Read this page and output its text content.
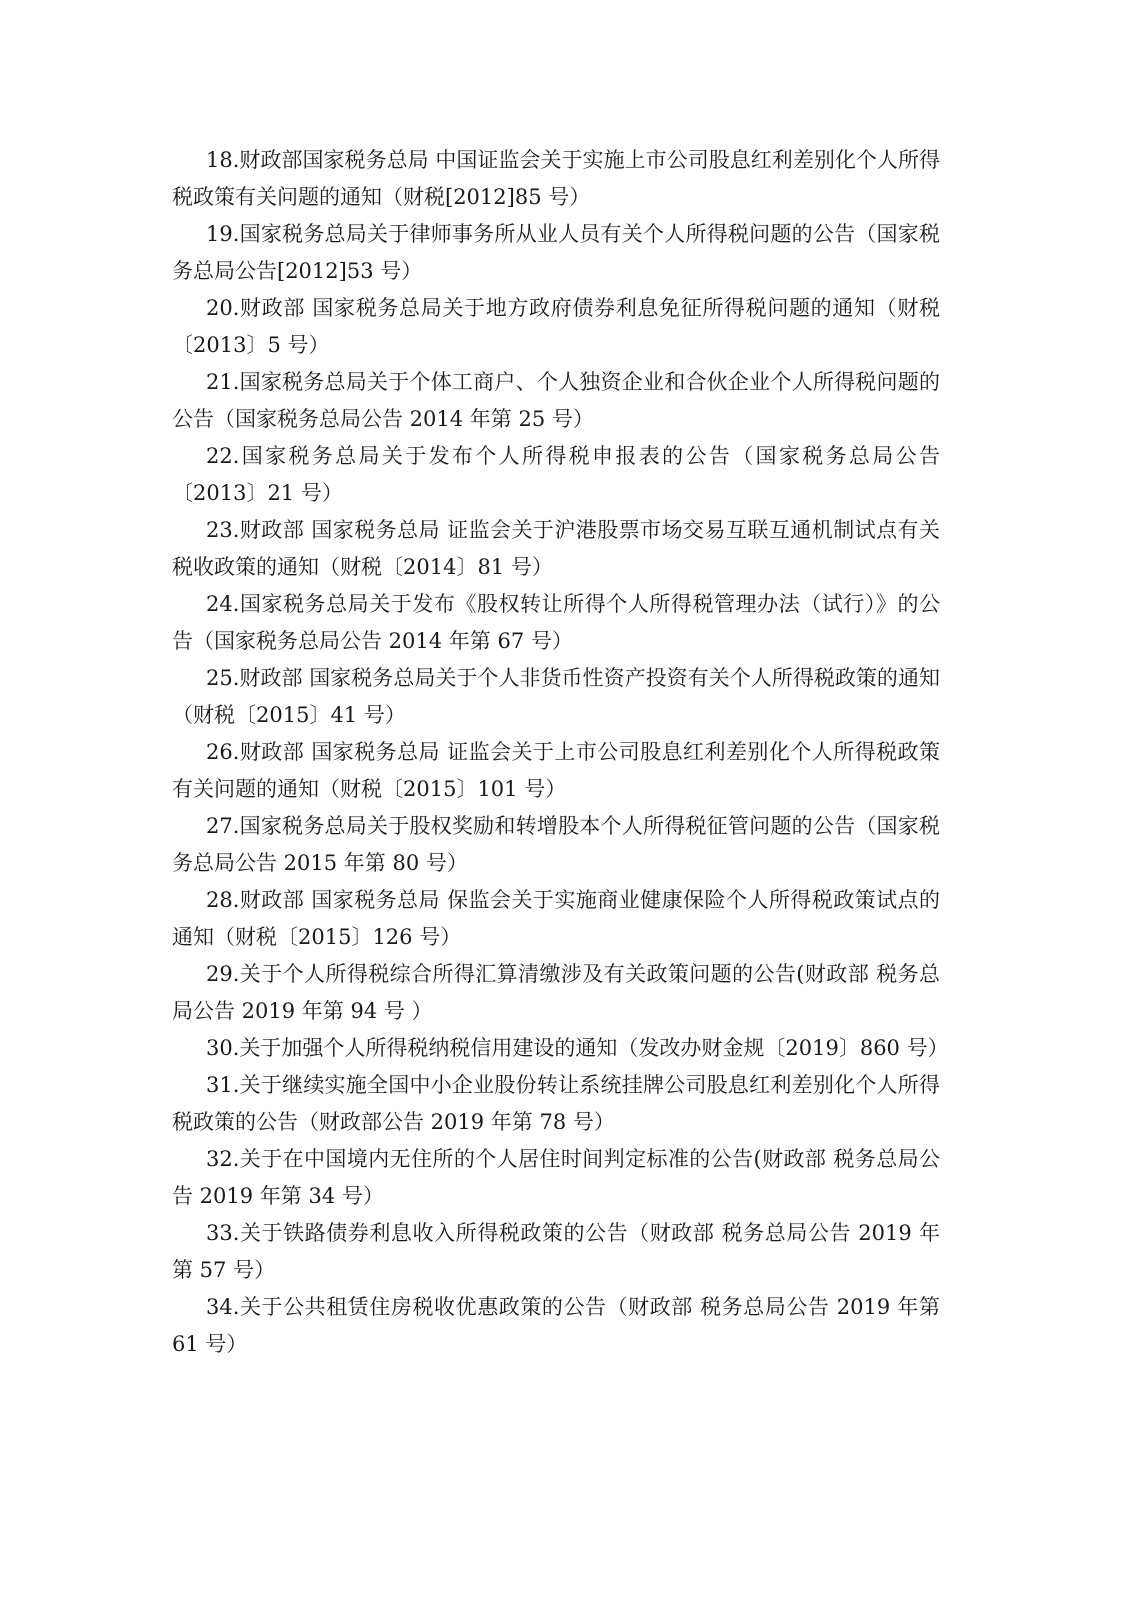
18.财政部国家税务总局 中国证监会关于实施上市公司股息红利差别化个人所得税政策有关问题的通知（财税[2012]85 号）

19.国家税务总局关于律师事务所从业人员有关个人所得税问题的公告（国家税务总局公告[2012]53 号）

20.财政部 国家税务总局关于地方政府债券利息免征所得税问题的通知（财税〔2013〕5 号）

21.国家税务总局关于个体工商户、个人独资企业和合伙企业个人所得税问题的公告（国家税务总局公告 2014 年第 25 号）

22.国家税务总局关于发布个人所得税申报表的公告（国家税务总局公告〔2013〕21 号）

23.财政部 国家税务总局 证监会关于沪港股票市场交易互联互通机制试点有关税收政策的通知（财税〔2014〕81 号）

24.国家税务总局关于发布《股权转让所得个人所得税管理办法（试行）》的公告（国家税务总局公告 2014 年第 67 号）

25.财政部 国家税务总局关于个人非货币性资产投资有关个人所得税政策的通知（财税〔2015〕41 号）

26.财政部 国家税务总局 证监会关于上市公司股息红利差别化个人所得税政策有关问题的通知（财税〔2015〕101 号）

27.国家税务总局关于股权奖励和转增股本个人所得税征管问题的公告（国家税务总局公告 2015 年第 80 号）

28.财政部 国家税务总局 保监会关于实施商业健康保险个人所得税政策试点的通知（财税〔2015〕126 号）

29.关于个人所得税综合所得汇算清缴涉及有关政策问题的公告(财政部 税务总局公告 2019 年第 94 号 ）

30.关于加强个人所得税纳税信用建设的通知（发改办财金规〔2019〕860 号）

31.关于继续实施全国中小企业股份转让系统挂牌公司股息红利差别化个人所得税政策的公告（财政部公告 2019 年第 78 号）

32.关于在中国境内无住所的个人居住时间判定标准的公告(财政部 税务总局公告 2019 年第 34 号）

33.关于铁路债券利息收入所得税政策的公告（财政部 税务总局公告 2019 年第 57 号）

34.关于公共租赁住房税收优惠政策的公告（财政部 税务总局公告 2019 年第 61 号）
